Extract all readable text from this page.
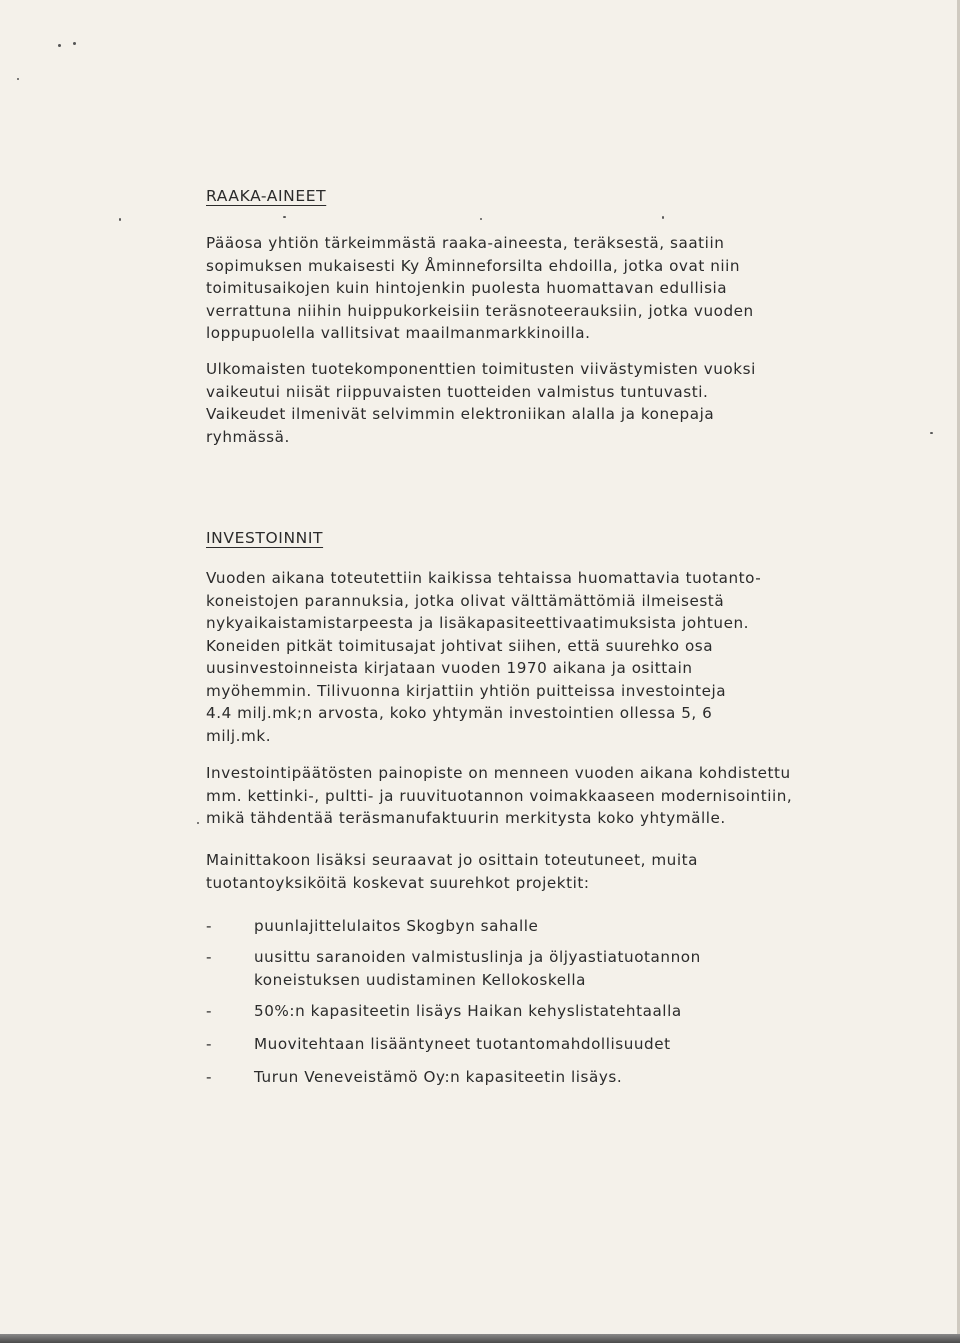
RAAKA-AINEET
Pääosa yhtiön tärkeimmästä raaka-aineesta, teräksestä, saatiin
sopimuksen mukaisesti Ky Åminneforsilta ehdoilla, jotka ovat niin
toimitusaikojen kuin hintojenkin puolesta huomattavan edullisia
verrattuna niihin huippukorkeisiin teräsnoteerauksiin, jotka vuoden
loppupuolella vallitsivat maailmanmarkkinoilla.
Ulkomaisten tuotekomponenttien toimitusten viivästymisten vuoksi
vaikeutui niisät riippuvaisten tuotteiden valmistus tuntuvasti.
Vaikeudet ilmenivät selvimmin elektroniikan alalla ja konepaja
ryhmässä.
INVESTOINNIT
Vuoden aikana toteutettiin kaikissa tehtaissa huomattavia tuotanto-
koneistojen parannuksia, jotka olivat välttämättömiä ilmeisestä
nykyaikaistamistarpeesta ja lisäkapasiteettivaatimuksista johtuen.
Koneiden pitkät toimitusajat johtivat siihen, että suurehko osa
uusinvestoinneista kirjataan vuoden 1970 aikana ja osittain
myöhemmin. Tilivuonna kirjattiin yhtiön puitteissa investointeja
4.4 milj.mk;n arvosta, koko yhtymän investointien ollessa 5, 6
milj.mk.
Investointipäätösten painopiste on menneen vuoden aikana kohdistettu
mm. kettinki-, pultti- ja ruuvituotannon voimakkaaseen modernisointiin,
mikä tähdentää teräsmanufaktuurin merkitysta koko yhtymälle.
Mainittakoon lisäksi seuraavat jo osittain toteutuneet, muita
tuotantoyksiköitä koskevat suurehkot projektit:
-	puunlajittelulaitos Skogbyn sahalle
-	uusittu saranoiden valmistuslinja ja öljyastiatuotannon
koneistuksen uudistaminen Kellokoskella
-	50%:n kapasiteetin lisäys Haikan kehyslistatehtaalla
-	Muovitehtaan lisääntyneet tuotantomahdollisuudet
-	Turun Veneveistämö Oy:n kapasiteetin lisäys.
